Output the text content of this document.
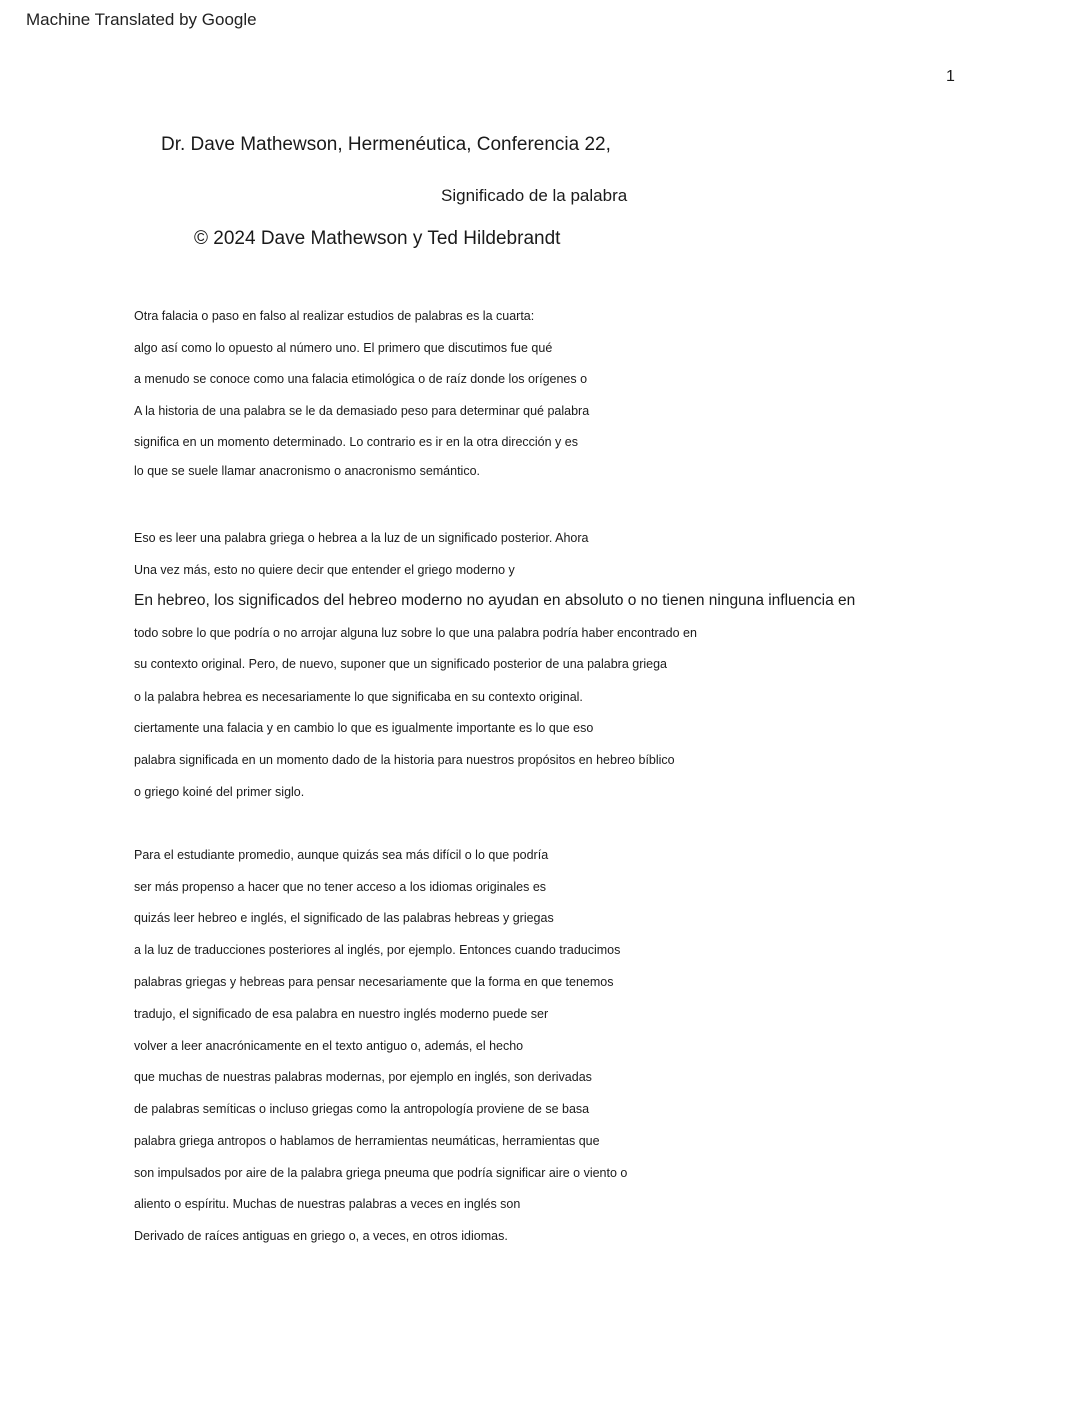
Machine Translated by Google
1
Dr. Dave Mathewson, Hermenéutica, Conferencia 22,
Significado de la palabra
© 2024 Dave Mathewson y Ted Hildebrandt
Otra falacia o paso en falso al realizar estudios de palabras es la cuarta:
algo así como lo opuesto al número uno. El primero que discutimos fue qué
a menudo se conoce como una falacia etimológica o de raíz donde los orígenes o
A la historia de una palabra se le da demasiado peso para determinar qué palabra
significa en un momento determinado. Lo contrario es ir en la otra dirección y es
lo que se suele llamar anacronismo o anacronismo semántico.
Eso es leer una palabra griega o hebrea a la luz de un significado posterior. Ahora
Una vez más, esto no quiere decir que entender el griego moderno y
En hebreo, los significados del hebreo moderno no ayudan en absoluto o no tienen ninguna influencia en
todo sobre lo que podría o no arrojar alguna luz sobre lo que una palabra podría haber encontrado en
su contexto original. Pero, de nuevo, suponer que un significado posterior de una palabra griega
o la palabra hebrea es necesariamente lo que significaba en su contexto original.
ciertamente una falacia y en cambio lo que es igualmente importante es lo que eso
palabra significada en un momento dado de la historia para nuestros propósitos en hebreo bíblico
o griego koiné del primer siglo.
Para el estudiante promedio, aunque quizás sea más difícil o lo que podría
ser más propenso a hacer que no tener acceso a los idiomas originales es
quizás leer hebreo e inglés, el significado de las palabras hebreas y griegas
a la luz de traducciones posteriores al inglés, por ejemplo. Entonces cuando traducimos
palabras griegas y hebreas para pensar necesariamente que la forma en que tenemos
tradujo, el significado de esa palabra en nuestro inglés moderno puede ser
volver a leer anacrónicamente en el texto antiguo o, además, el hecho
que muchas de nuestras palabras modernas, por ejemplo en inglés, son derivadas
de palabras semíticas o incluso griegas como la antropología proviene de se basa
palabra griega antropos o hablamos de herramientas neumáticas, herramientas que
son impulsados por aire de la palabra griega pneuma que podría significar aire o viento o
aliento o espíritu. Muchas de nuestras palabras a veces en inglés son
Derivado de raíces antiguas en griego o, a veces, en otros idiomas.
